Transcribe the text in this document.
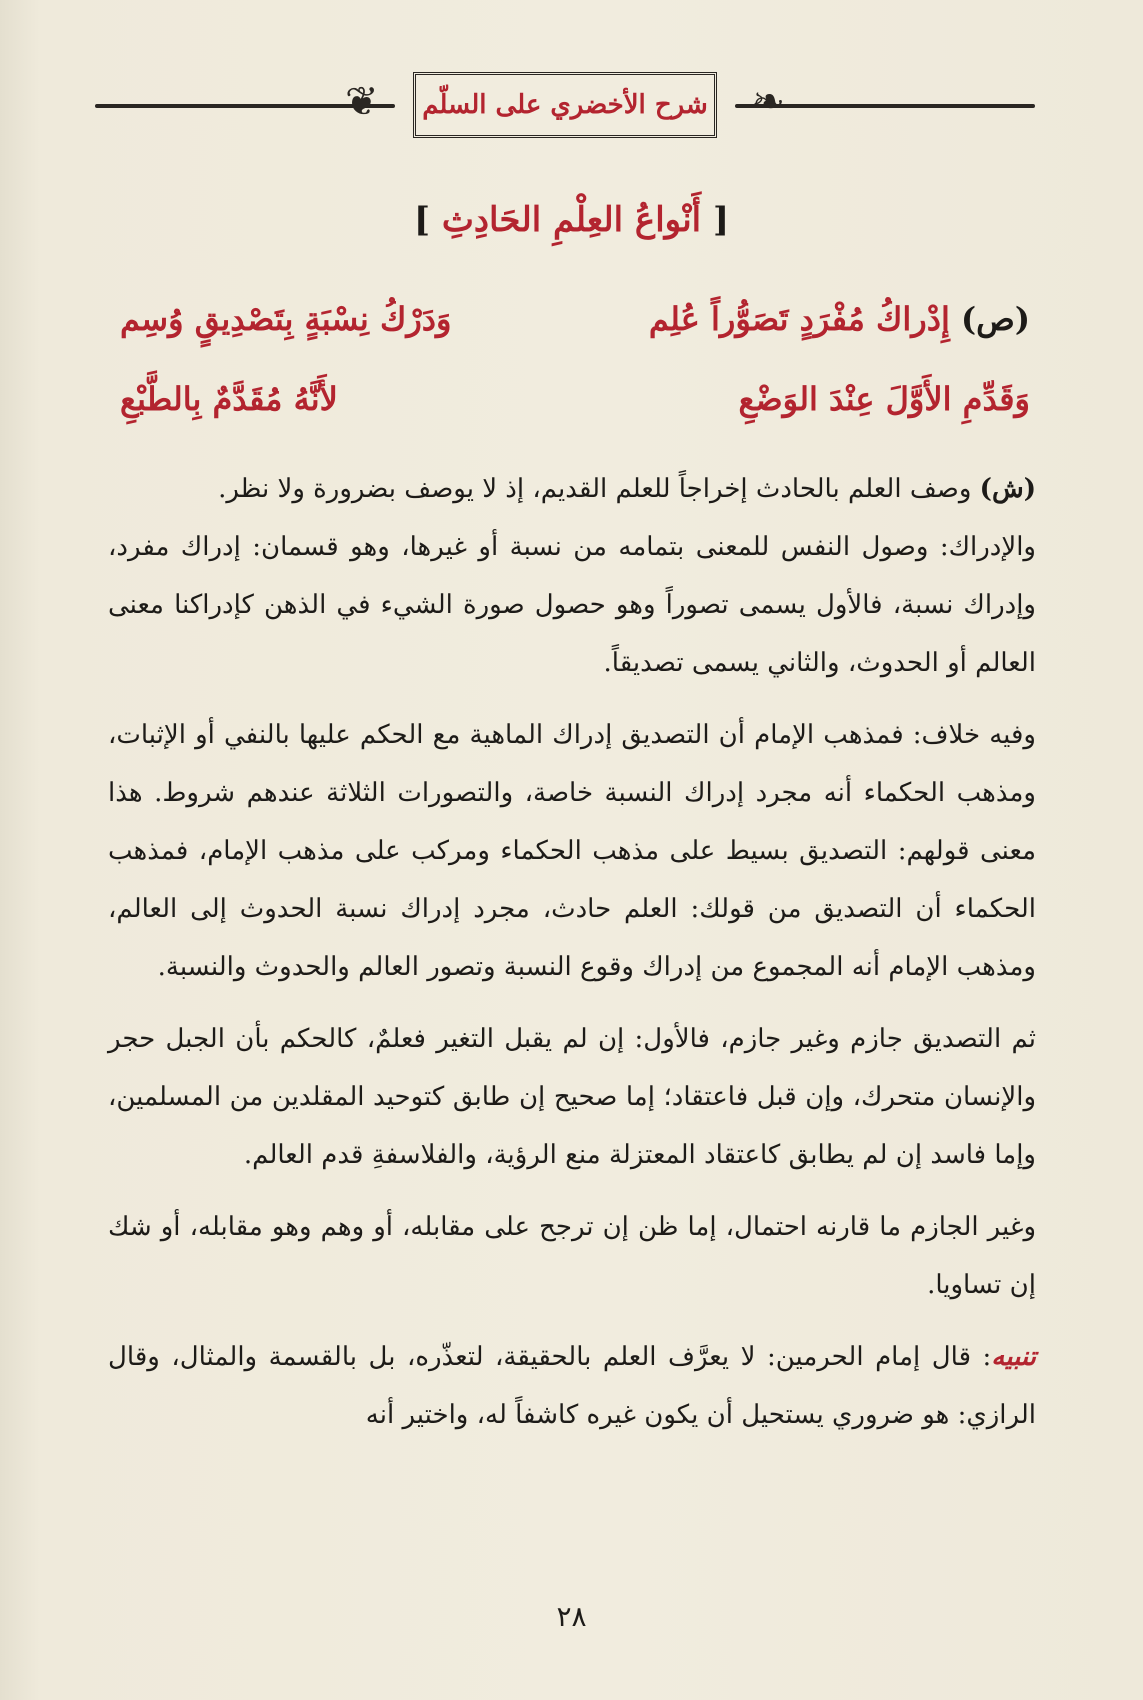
❦	❧
شرح الأخضري على السلّم
[ أَنْواعُ العِلْمِ الحَادِثِ ]
(ص) إِدْراكُ مُفْرَدٍ تَصَوُّراً عُلِم
وَدَرْكُ نِسْبَةٍ بِتَصْدِيقٍ وُسِم
وَقَدِّمِ الأَوَّلَ عِنْدَ الوَضْعِ
لأَنَّهُ مُقَدَّمٌ بِالطَّبْعِ

(ش) وصف العلم بالحادث إخراجاً للعلم القديم، إذ لا يوصف بضرورة ولا نظر.

والإدراك: وصول النفس للمعنى بتمامه من نسبة أو غيرها، وهو قسمان: إدراك مفرد، وإدراك نسبة، فالأول يسمى تصوراً وهو حصول صورة الشيء في الذهن كإدراكنا معنى العالم أو الحدوث، والثاني يسمى تصديقاً.

وفيه خلاف: فمذهب الإمام أن التصديق إدراك الماهية مع الحكم عليها بالنفي أو الإثبات، ومذهب الحكماء أنه مجرد إدراك النسبة خاصة، والتصورات الثلاثة عندهم شروط. هذا معنى قولهم: التصديق بسيط على مذهب الحكماء ومركب على مذهب الإمام، فمذهب الحكماء أن التصديق من قولك: العلم حادث، مجرد إدراك نسبة الحدوث إلى العالم، ومذهب الإمام أنه المجموع من إدراك وقوع النسبة وتصور العالم والحدوث والنسبة.

ثم التصديق جازم وغير جازم، فالأول: إن لم يقبل التغير فعلمٌ، كالحكم بأن الجبل حجر والإنسان متحرك، وإن قبل فاعتقاد؛ إما صحيح إن طابق كتوحيد المقلدين من المسلمين، وإما فاسد إن لم يطابق كاعتقاد المعتزلة منع الرؤية، والفلاسفةِ قدم العالم.

وغير الجازم ما قارنه احتمال، إما ظن إن ترجح على مقابله، أو وهم وهو مقابله، أو شك إن تساويا.

تنبيه: قال إمام الحرمين: لا يعرَّف العلم بالحقيقة، لتعذّره، بل بالقسمة والمثال، وقال الرازي: هو ضروري يستحيل أن يكون غيره كاشفاً له، واختير أنه

٢٨
